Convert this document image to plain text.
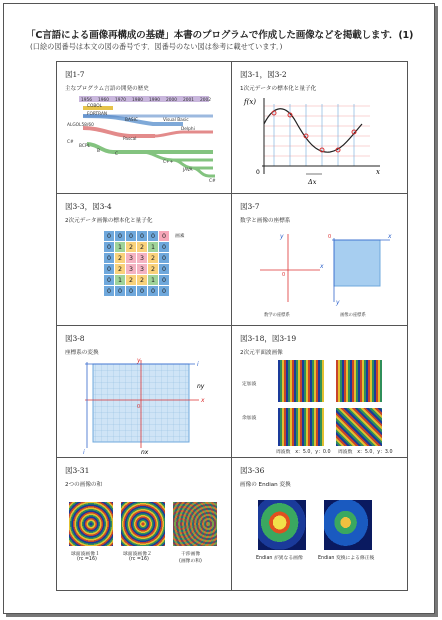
「C言語による画像再構成の基礎」本書のプログラムで作成した画像などを掲載します．(1)
(口絵の図番号は本文の図の番号です．図番号のない図は参考に載せています．)
図1-7
主なプログラム言語の開発の歴史
1956 1960 1970 1980 1990 2000 2001 2002
COBOL
FORTRAN
BASIC	Visual Basic
ALGOL58/60
Delphi
Pascal
C#
BCPL
B
C
C++
JAVA
C#
図3-1，図3-2
1次元データの標本化と量子化
f(x)
x
0
Δx
図3-3，図3-4
2次元データ画像の標本化と量子化
0	0	0	0	0	0
0	1	2	2	1	0
0	2	3	3	2	0
0	2	3	3	2	0
0	1	2	2	1	0
0	0	0	0	0	0
画素
図3-7
数学と画像の座標系
x
y
0
x
y
0
数学の座標系	画像の座標系
図3-8
座標系の変換
i
j
x
y
0
ny
nx
図3-18，図3-19
2次元平面波画像
定加波
余加波
周波数　x：5.0，y：0.0 周波数　x：5.0，y：3.0
図3-31
2つの画像の和
球面波画像１
(rc =16)
球面波画像２
(rc =16)
干渉画像
(画像の和)
図3-36
画像の Endian 変換
Endian が異なる画像	Endian 変換による修正後
